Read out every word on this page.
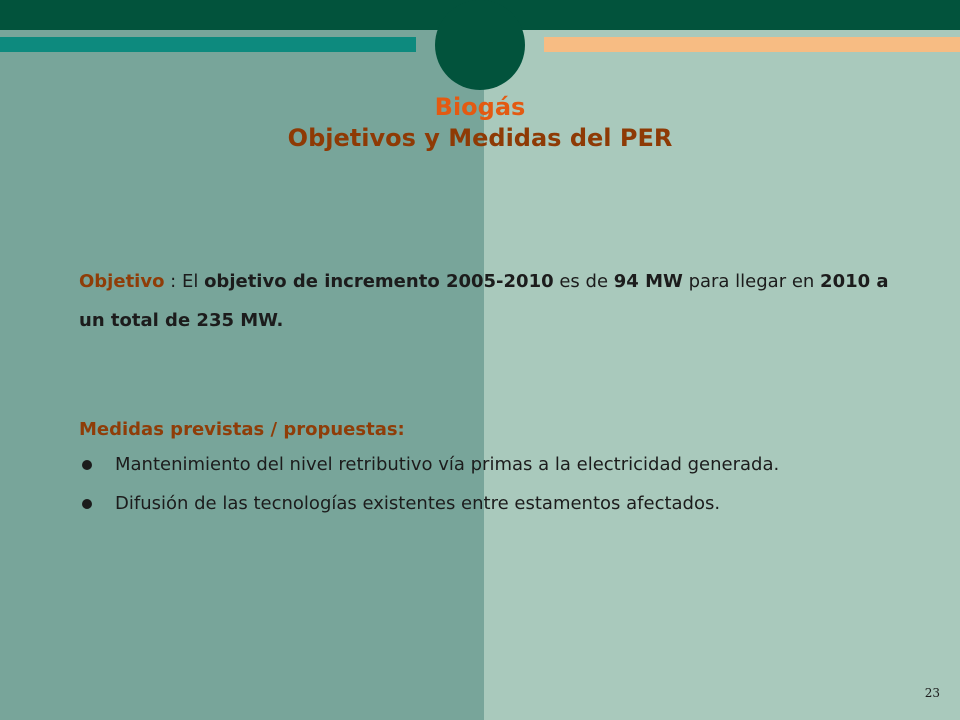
Biogás
Objetivos y Medidas del PER

Objetivo : El objetivo de incremento 2005-2010 es de 94 MW para llegar en 2010 a un total de 235 MW.

Medidas previstas / propuestas:
Mantenimiento del nivel retributivo vía primas a la electricidad generada.
Difusión de las tecnologías existentes entre estamentos afectados.
23
